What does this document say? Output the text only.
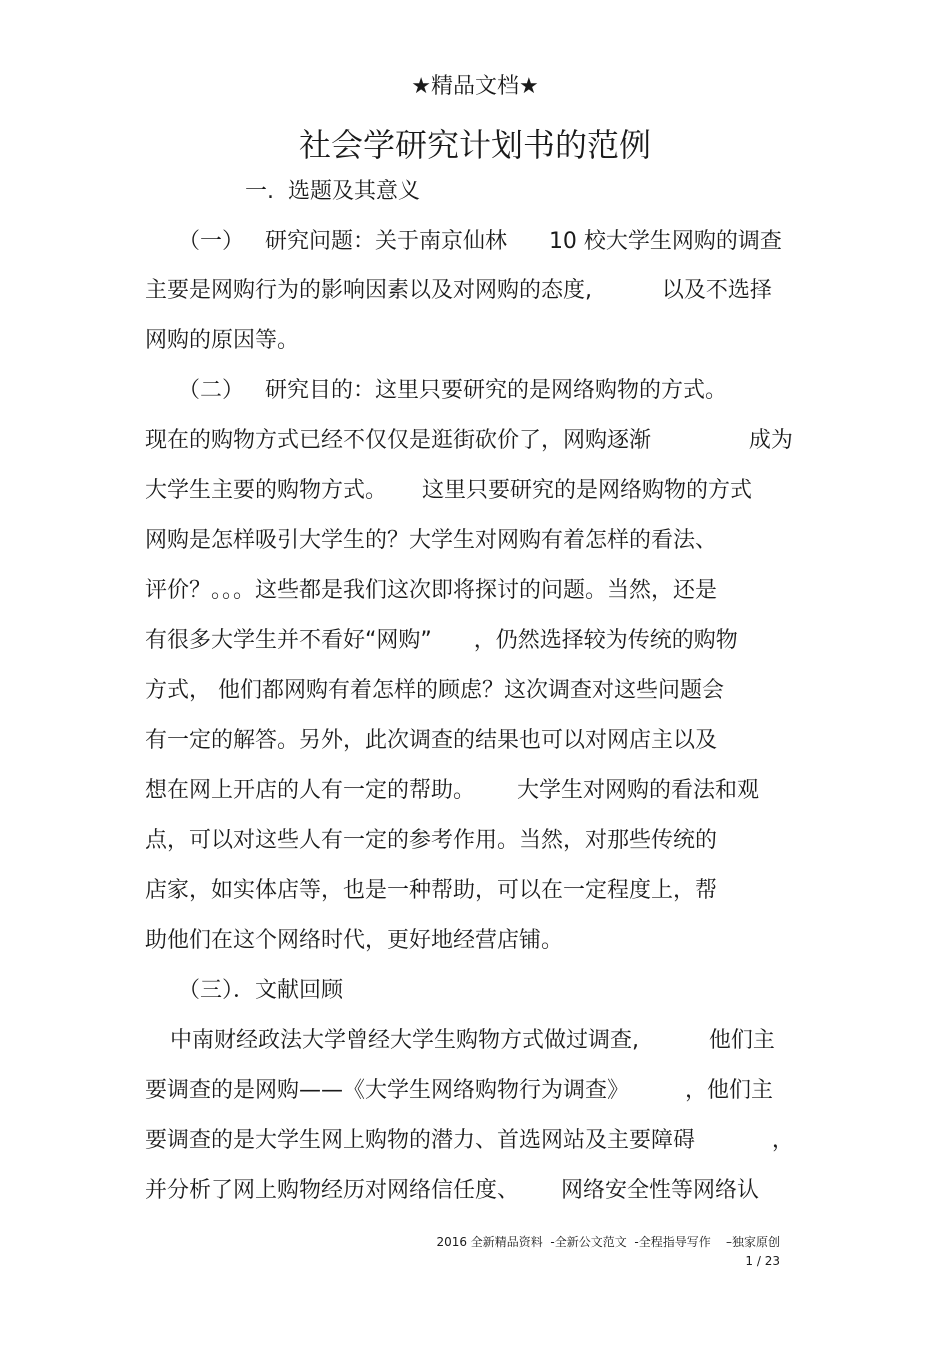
★精品文档★
社会学研究计划书的范例
一.  选题及其意义
（一）   研究问题：关于南京仙林      10 校大学生网购的调查
主要是网购行为的影响因素以及对网购的态度,          以及不选择
网购的原因等。
（二）   研究目的：这里只要研究的是网络购物的方式。
现在的购物方式已经不仅仅是逛街砍价了，网购逐渐              成为
大学生主要的购物方式。     这里只要研究的是网络购物的方式
网购是怎样吸引大学生的？大学生对网购有着怎样的看法、
评价？。。。这些都是我们这次即将探讨的问题。当然，还是
有很多大学生并不看好“网购”      ，仍然选择较为传统的购物
方式， 他们都网购有着怎样的顾虑？这次调查对这些问题会
有一定的解答。另外，此次调查的结果也可以对网店主以及
想在网上开店的人有一定的帮助。      大学生对网购的看法和观
点，可以对这些人有一定的参考作用。当然，对那些传统的
店家，如实体店等，也是一种帮助，可以在一定程度上，帮
助他们在这个网络时代，更好地经营店铺。
（三）．文献回顾
中南财经政法大学曾经大学生购物方式做过调查,          他们主
要调查的是网购——《大学生网络购物行为调查》        ，他们主
要调查的是大学生网上购物的潜力、首选网站及主要障碍           ，
并分析了网上购物经历对网络信任度、      网络安全性等网络认
2016 全新精品资料  -全新公文范文  -全程指导写作    –独家原创
1 / 23
